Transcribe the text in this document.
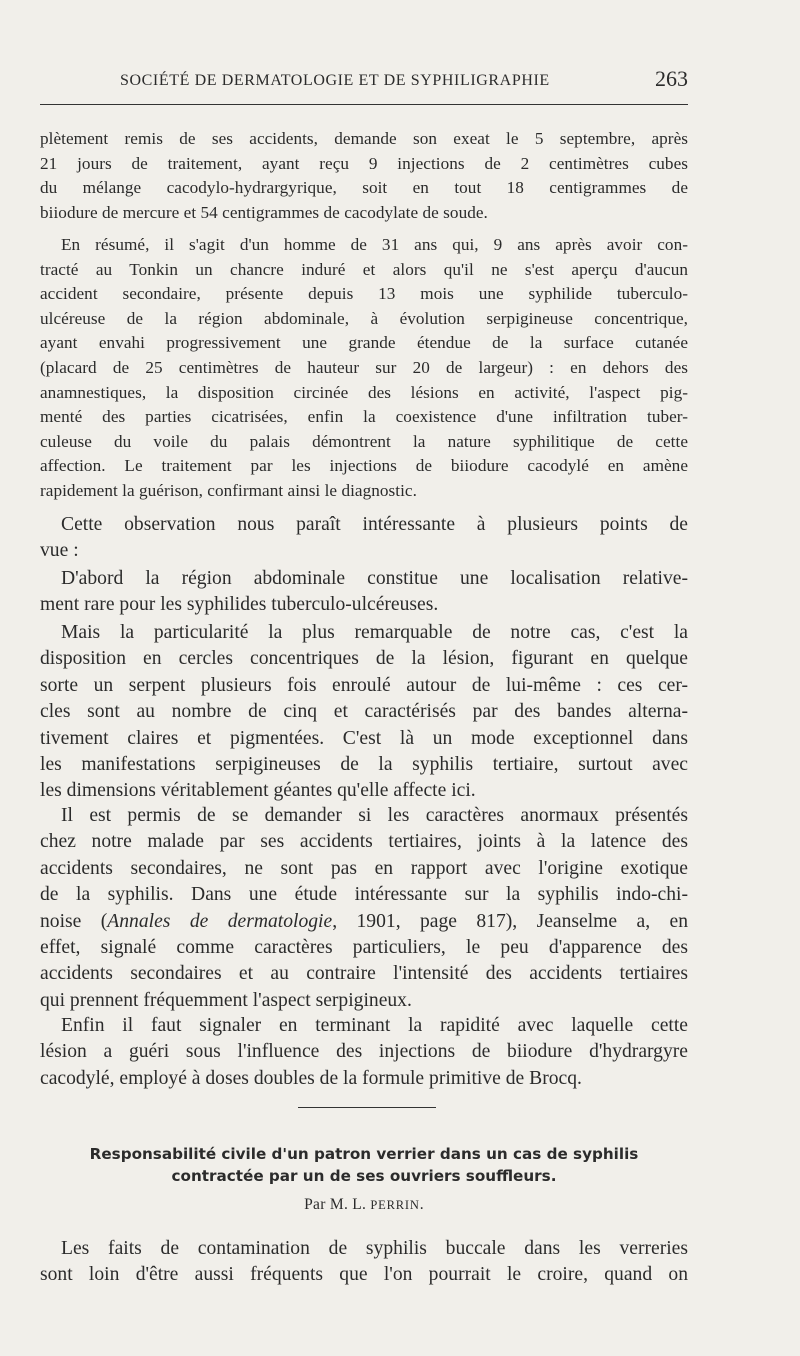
SOCIÉTÉ DE DERMATOLOGIE ET DE SYPHILIGRAPHIE	263

plètement remis de ses accidents, demande son exeat le 5 septembre, après
21 jours de traitement, ayant reçu 9 injections de 2 centimètres cubes
du mélange cacodylo-hydrargyrique, soit en tout 18 centigrammes de
biiodure de mercure et 54 centigrammes de cacodylate de soude.

En résumé, il s'agit d'un homme de 31 ans qui, 9 ans après avoir con-
tracté au Tonkin un chancre induré et alors qu'il ne s'est aperçu d'aucun
accident secondaire, présente depuis 13 mois une syphilide tuberculo-
ulcéreuse de la région abdominale, à évolution serpigineuse concentrique,
ayant envahi progressivement une grande étendue de la surface cutanée
(placard de 25 centimètres de hauteur sur 20 de largeur) : en dehors des
anamnestiques, la disposition circinée des lésions en activité, l'aspect pig-
menté des parties cicatrisées, enfin la coexistence d'une infiltration tuber-
culeuse du voile du palais démontrent la nature syphilitique de cette
affection. Le traitement par les injections de biiodure cacodylé en amène
rapidement la guérison, confirmant ainsi le diagnostic.

Cette observation nous paraît intéressante à plusieurs points de
vue :

D'abord la région abdominale constitue une localisation relative-
ment rare pour les syphilides tuberculo-ulcéreuses.

Mais la particularité la plus remarquable de notre cas, c'est la
disposition en cercles concentriques de la lésion, figurant en quelque
sorte un serpent plusieurs fois enroulé autour de lui-même : ces cer-
cles sont au nombre de cinq et caractérisés par des bandes alterna-
tivement claires et pigmentées. C'est là un mode exceptionnel dans
les manifestations serpigineuses de la syphilis tertiaire, surtout avec
les dimensions véritablement géantes qu'elle affecte ici.

Il est permis de se demander si les caractères anormaux présentés
chez notre malade par ses accidents tertiaires, joints à la latence des
accidents secondaires, ne sont pas en rapport avec l'origine exotique
de la syphilis. Dans une étude intéressante sur la syphilis indo-chi-
noise (Annales de dermatologie, 1901, page 817), Jeanselme a, en
effet, signalé comme caractères particuliers, le peu d'apparence des
accidents secondaires et au contraire l'intensité des accidents tertiaires
qui prennent fréquemment l'aspect serpigineux.

Enfin il faut signaler en terminant la rapidité avec laquelle cette
lésion a guéri sous l'influence des injections de biiodure d'hydrargyre
cacodylé, employé à doses doubles de la formule primitive de Brocq.

Responsabilité civile d'un patron verrier dans un cas de syphilis
contractée par un de ses ouvriers souffleurs.
Par M. L. PERRIN.

Les faits de contamination de syphilis buccale dans les verreries
sont loin d'être aussi fréquents que l'on pourrait le croire, quand on
